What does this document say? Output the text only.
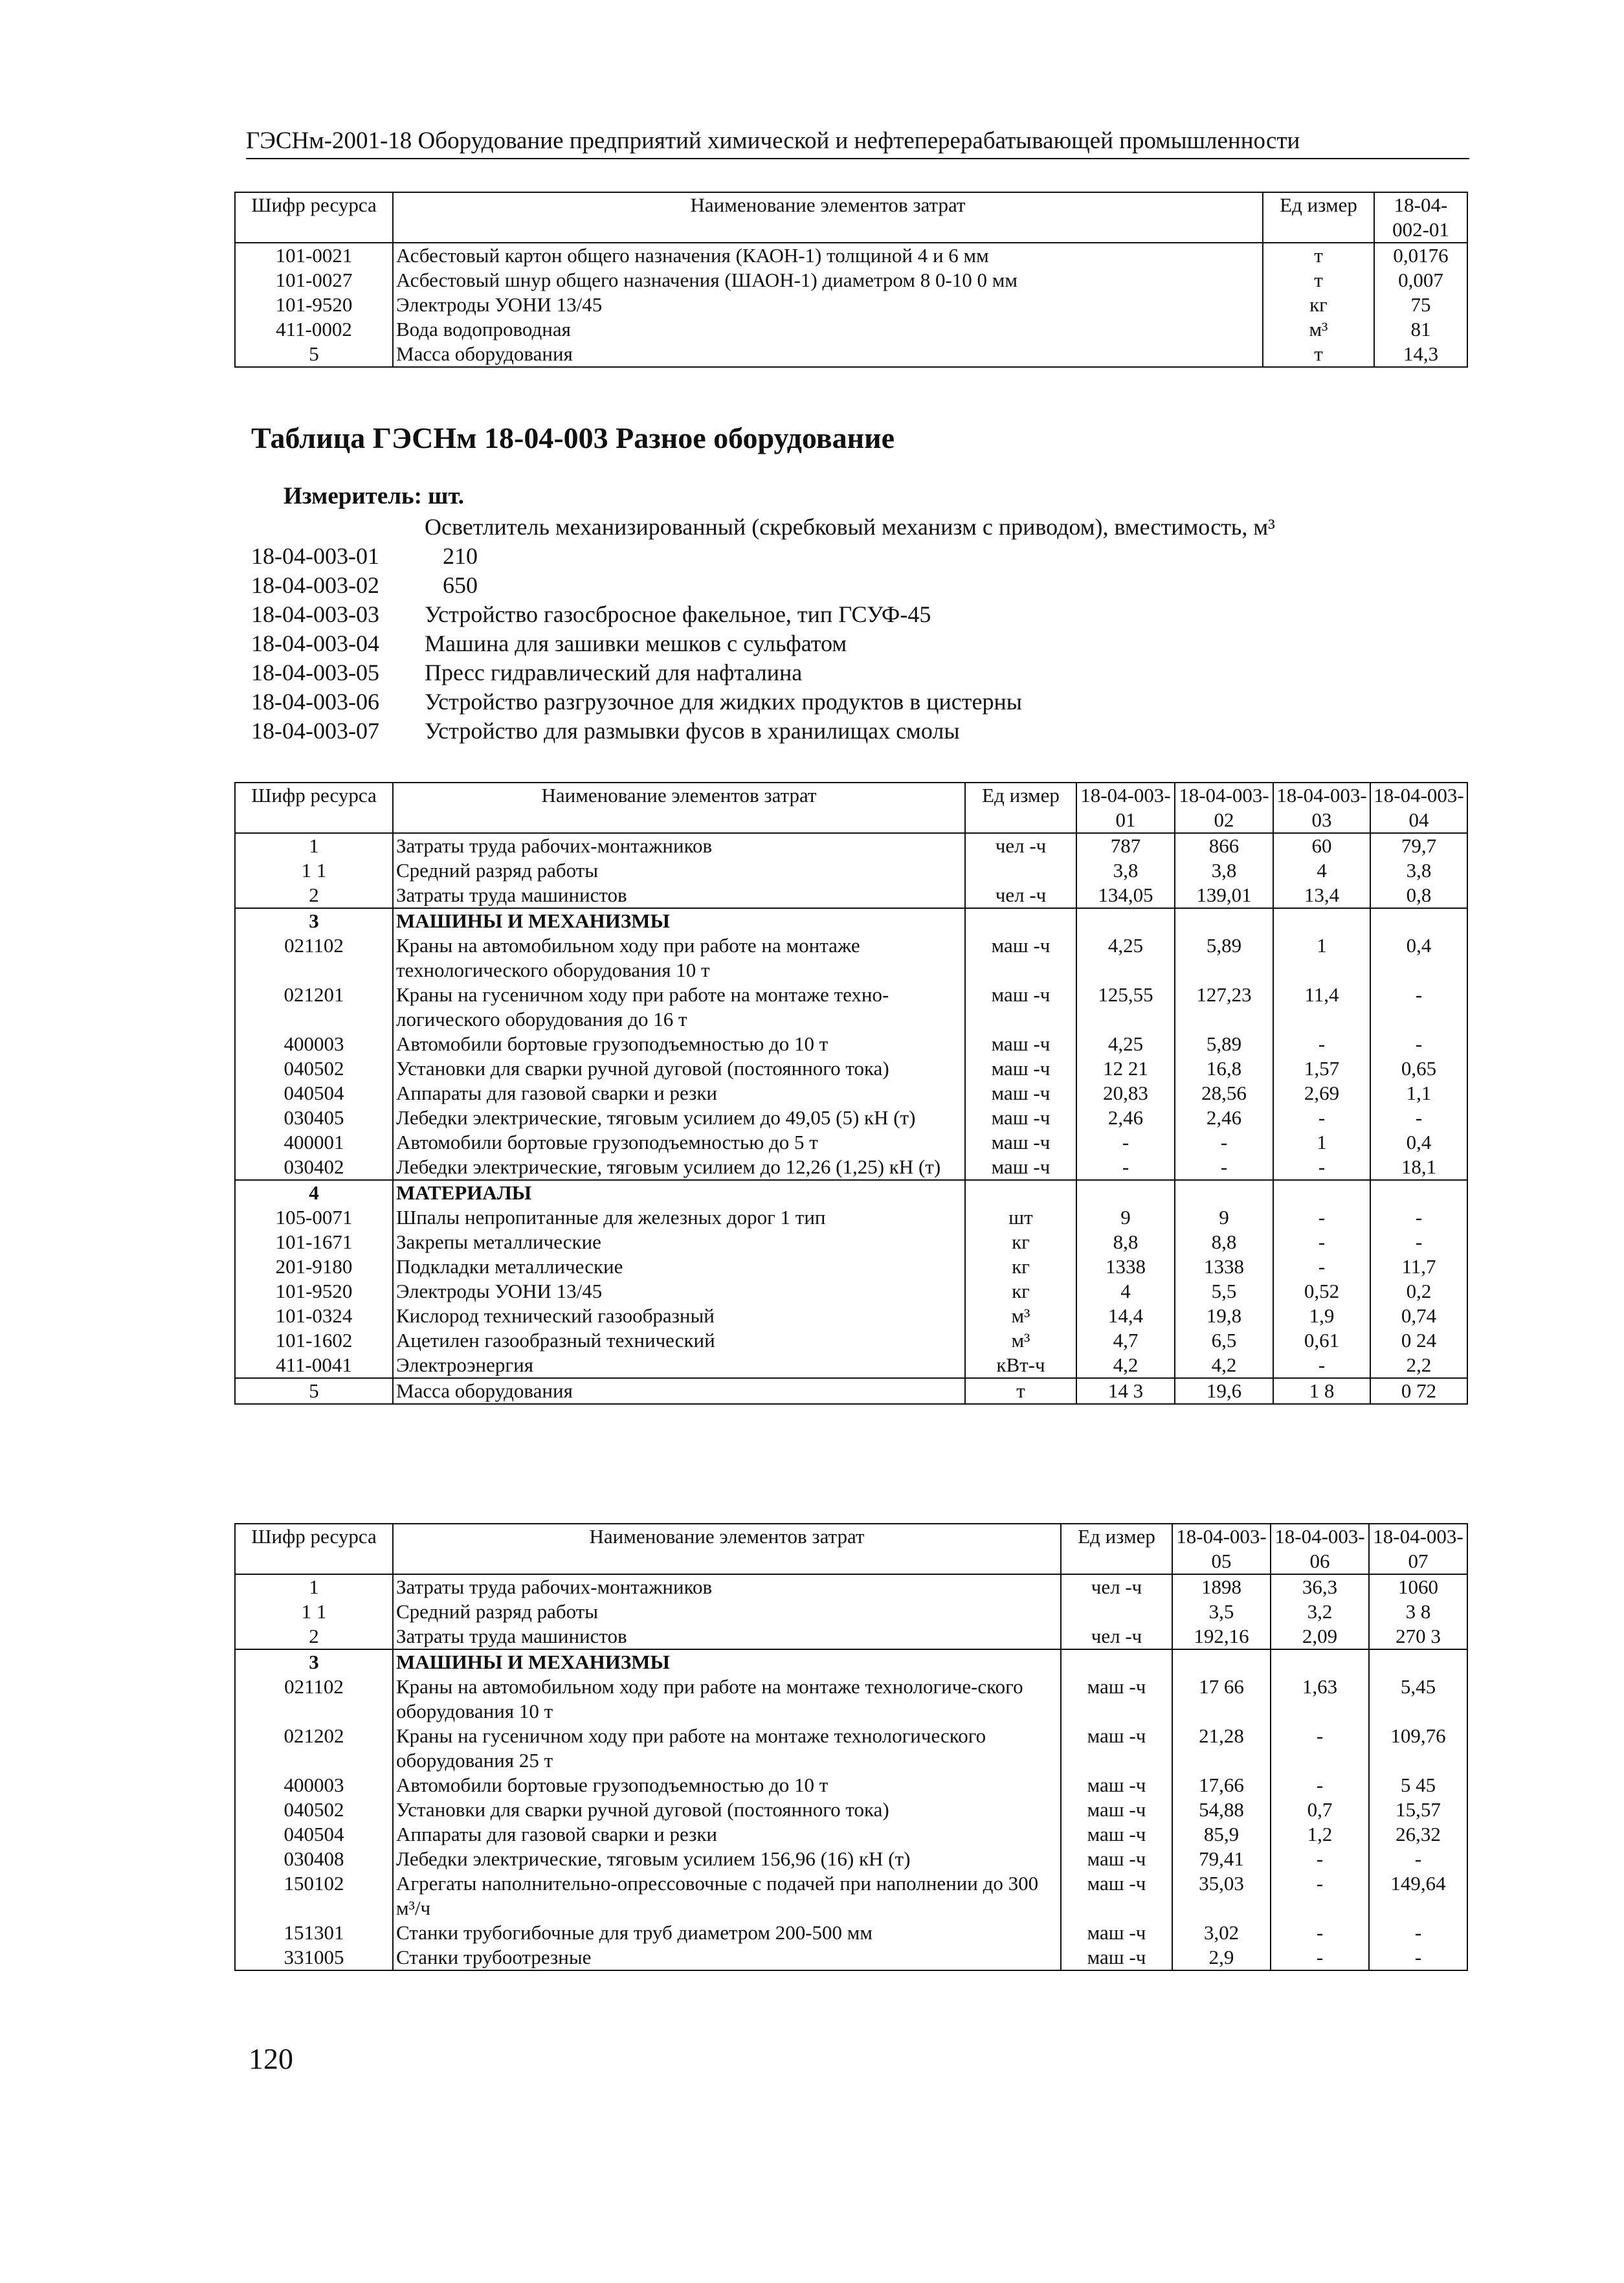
ГЭСНм-2001-18 Оборудование предприятий химической и нефтеперерабатывающей промышленности
Шифр ресурса	Наименование элементов затрат	Ед измер	18-04-002-01
101-0021	Асбестовый картон общего назначения (КАОН-1) толщиной 4 и 6 мм	т	0,0176
101-0027	Асбестовый шнур общего назначения (ШАОН-1) диаметром 8 0-10 0 мм	т	0,007
101-9520	Электроды УОНИ 13/45	кг	75
411-0002	Вода водопроводная	м³	81
5	Масса оборудования	т	14,3
Таблица ГЭСНм 18-04-003 Разное оборудование
Измеритель: шт.
Осветлитель механизированный (скребковый механизм с приводом), вместимость, м³
18-04-003-01	210
18-04-003-02	650
18-04-003-03	Устройство газосбросное факельное, тип ГСУФ-45
18-04-003-04	Машина для зашивки мешков с сульфатом
18-04-003-05	Пресс гидравлический для нафталина
18-04-003-06	Устройство разгрузочное для жидких продуктов в цистерны
18-04-003-07	Устройство для размывки фусов в хранилищах смолы
Шифр ресурса	Наименование элементов затрат	Ед измер	18-04-003-01	18-04-003-02	18-04-003-03	18-04-003-04
1	Затраты труда рабочих-монтажников	чел -ч	787	866	60	79,7
1 1	Средний разряд работы		3,8	3,8	4	3,8
2	Затраты труда машинистов	чел -ч	134,05	139,01	13,4	0,8
3	МАШИНЫ И МЕХАНИЗМЫ					
021102	Краны на автомобильном ходу при работе на монтаже технологического оборудования 10 т	маш -ч	4,25	5,89	1	0,4
021201	Краны на гусеничном ходу при работе на монтаже техно-логического оборудования до 16 т	маш -ч	125,55	127,23	11,4	-
400003	Автомобили бортовые грузоподъемностью до 10 т	маш -ч	4,25	5,89	-	-
040502	Установки для сварки ручной дуговой (постоянного тока)	маш -ч	12 21	16,8	1,57	0,65
040504	Аппараты для газовой сварки и резки	маш -ч	20,83	28,56	2,69	1,1
030405	Лебедки электрические, тяговым усилием до 49,05 (5) кН (т)	маш -ч	2,46	2,46	-	-
400001	Автомобили бортовые грузоподъемностью до 5 т	маш -ч	-	-	1	0,4
030402	Лебедки электрические, тяговым усилием до 12,26 (1,25) кН (т)	маш -ч	-	-	-	18,1
4	МАТЕРИАЛЫ					
105-0071	Шпалы непропитанные для железных дорог 1 тип	шт	9	9	-	-
101-1671	Закрепы металлические	кг	8,8	8,8	-	-
201-9180	Подкладки металлические	кг	1338	1338	-	11,7
101-9520	Электроды УОНИ 13/45	кг	4	5,5	0,52	0,2
101-0324	Кислород технический газообразный	м³	14,4	19,8	1,9	0,74
101-1602	Ацетилен газообразный технический	м³	4,7	6,5	0,61	0 24
411-0041	Электроэнергия	кВт-ч	4,2	4,2	-	2,2
5	Масса оборудования	т	14 3	19,6	1 8	0 72
Шифр ресурса	Наименование элементов затрат	Ед измер	18-04-003-05	18-04-003-06	18-04-003-07
1	Затраты труда рабочих-монтажников	чел -ч	1898	36,3	1060
1 1	Средний разряд работы		3,5	3,2	3 8
2	Затраты труда машинистов	чел -ч	192,16	2,09	270 3
3	МАШИНЫ И МЕХАНИЗМЫ				
021102	Краны на автомобильном ходу при работе на монтаже технологиче-ского оборудования 10 т	маш -ч	17 66	1,63	5,45
021202	Краны на гусеничном ходу при работе на монтаже технологического оборудования 25 т	маш -ч	21,28	-	109,76
400003	Автомобили бортовые грузоподъемностью до 10 т	маш -ч	17,66	-	5 45
040502	Установки для сварки ручной дуговой (постоянного тока)	маш -ч	54,88	0,7	15,57
040504	Аппараты для газовой сварки и резки	маш -ч	85,9	1,2	26,32
030408	Лебедки электрические, тяговым усилием 156,96 (16) кН (т)	маш -ч	79,41	-	-
150102	Агрегаты наполнительно-опрессовочные с подачей при наполнении до 300 м³/ч	маш -ч	35,03	-	149,64
151301	Станки трубогибочные для труб диаметром 200-500 мм	маш -ч	3,02	-	-
331005	Станки трубоотрезные	маш -ч	2,9	-	-
120
